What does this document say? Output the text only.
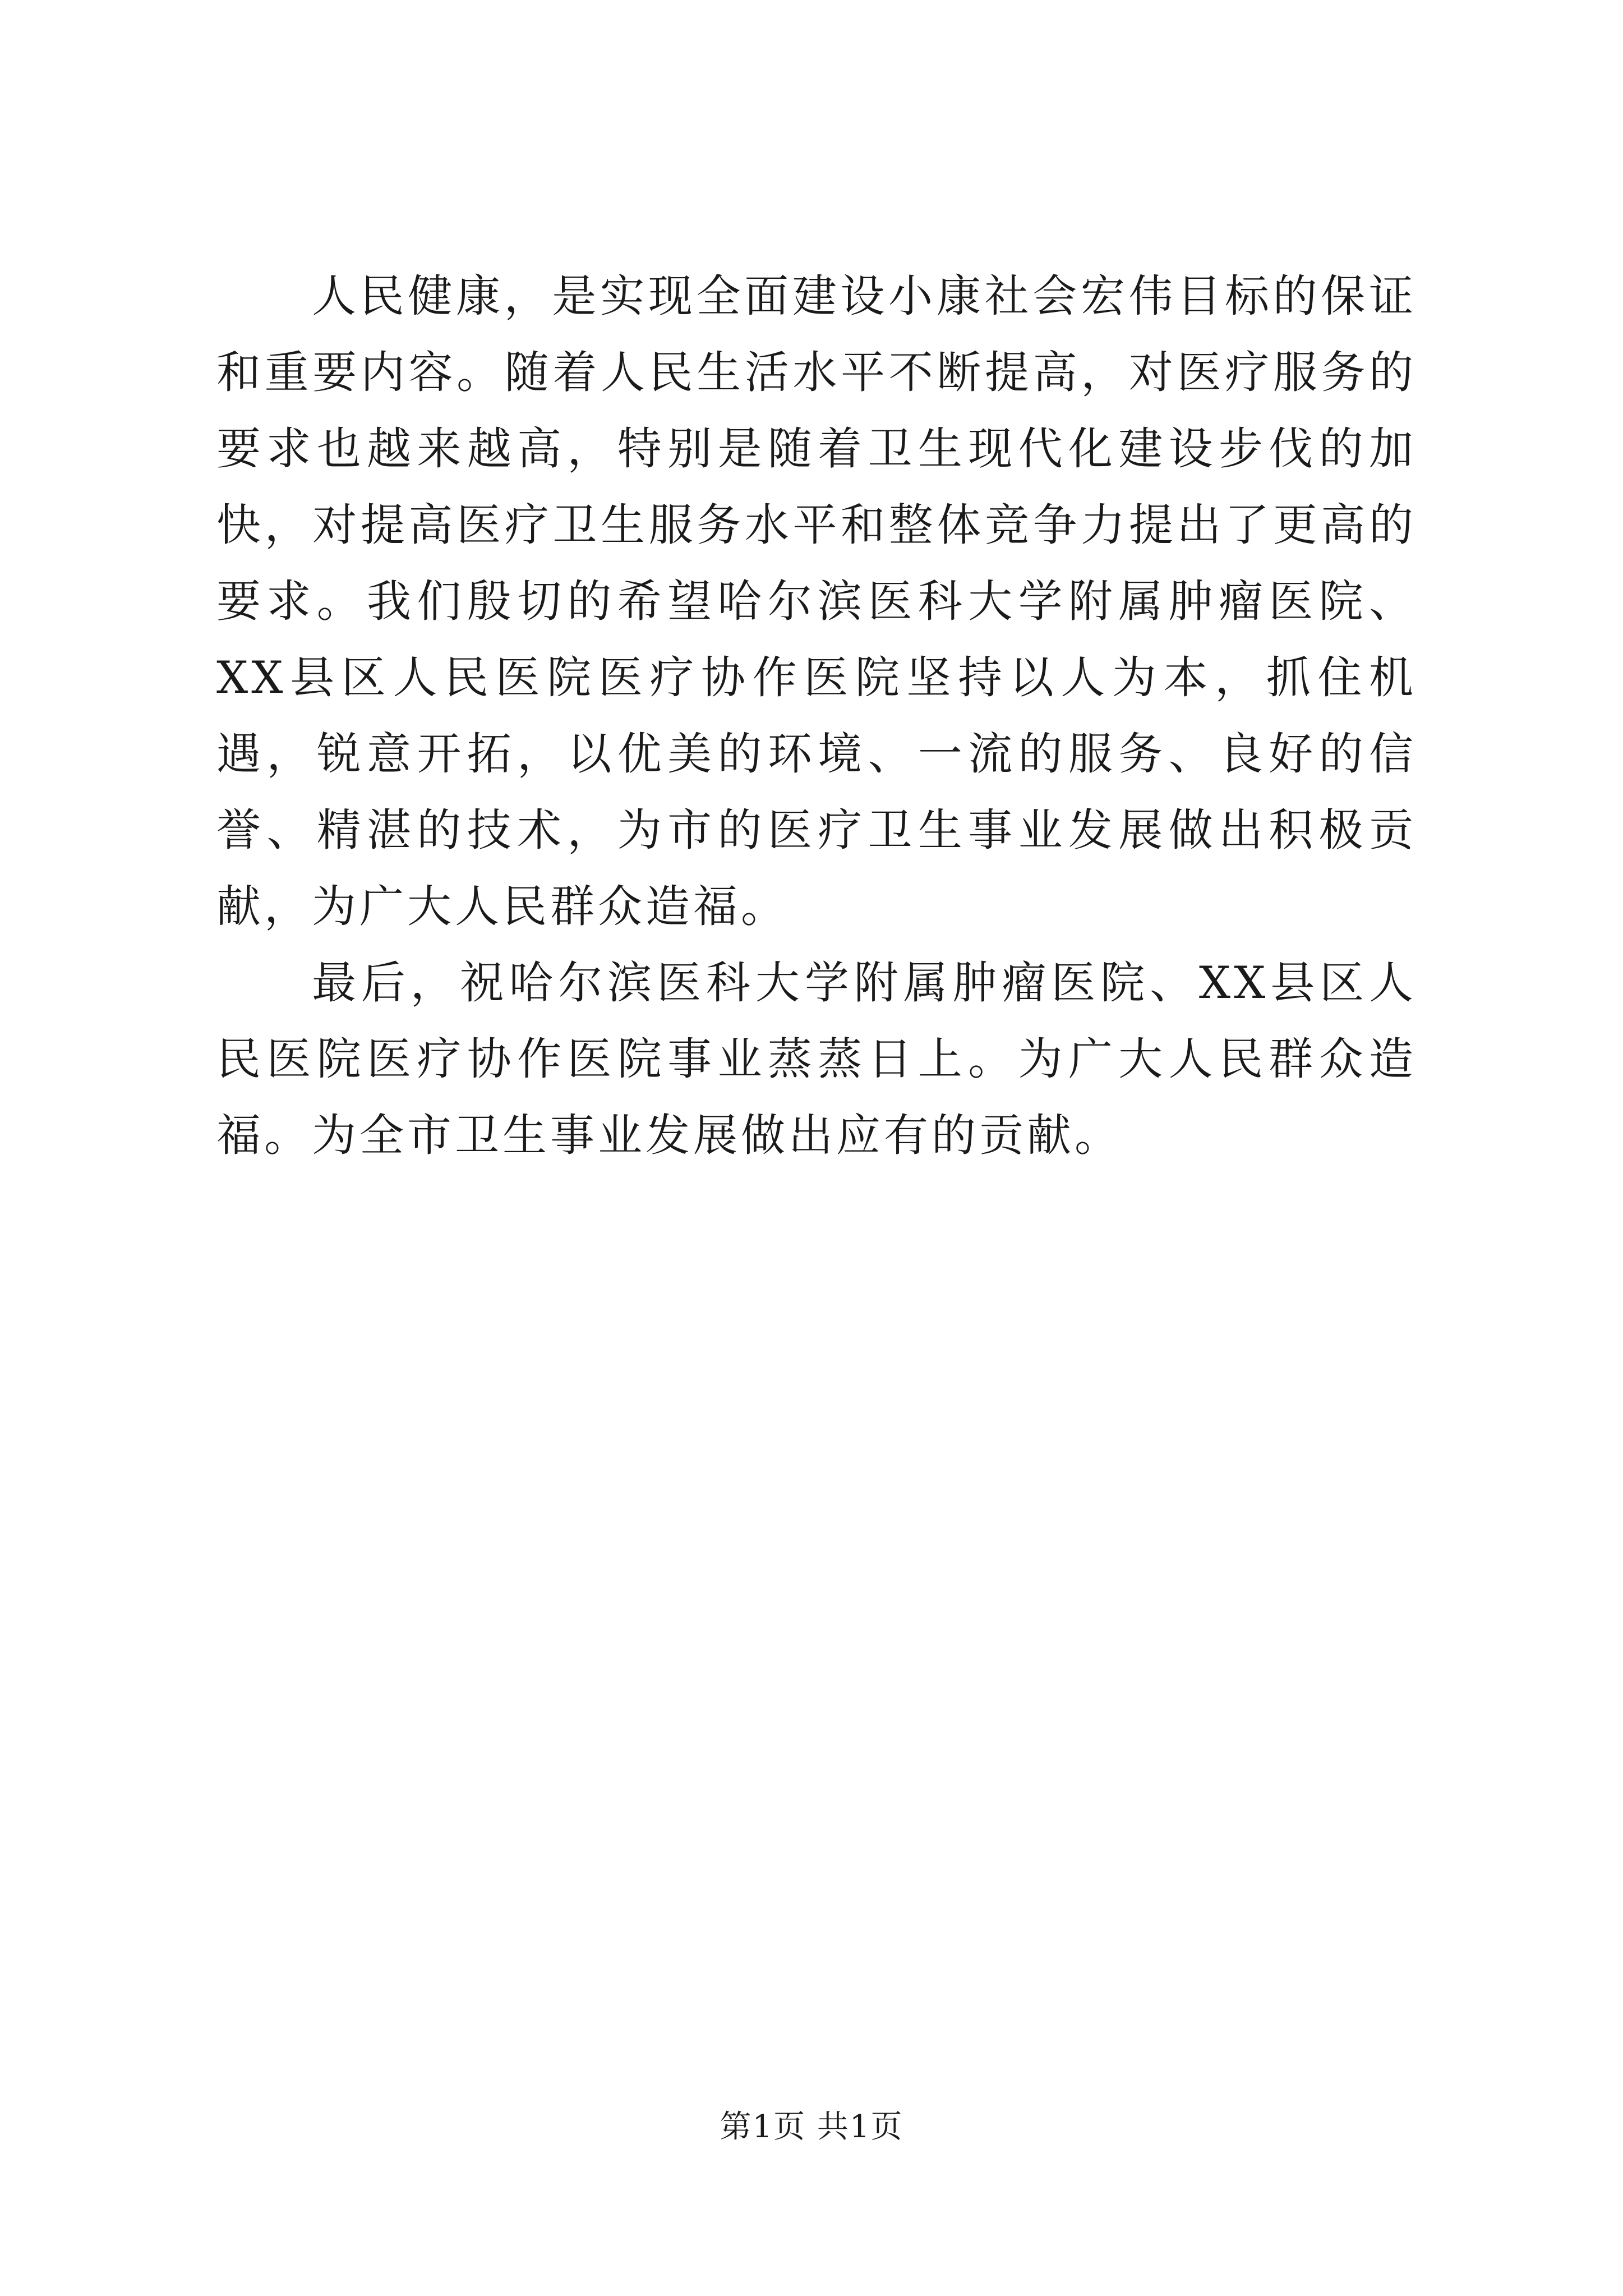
人民健康，是实现全面建设小康社会宏伟目标的保证和重要内容。随着人民生活水平不断提高，对医疗服务的要求也越来越高，特别是随着卫生现代化建设步伐的加快，对提高医疗卫生服务水平和整体竞争力提出了更高的要求。我们殷切的希望哈尔滨医科大学附属肿瘤医院、XX县区人民医院医疗协作医院坚持以人为本，抓住机遇，锐意开拓，以优美的环境、一流的服务、良好的信誉、精湛的技术，为市的医疗卫生事业发展做出积极贡献，为广大人民群众造福。

最后，祝哈尔滨医科大学附属肿瘤医院、XX县区人民医院医疗协作医院事业蒸蒸日上。为广大人民群众造福。为全市卫生事业发展做出应有的贡献。

第1页 共1页
